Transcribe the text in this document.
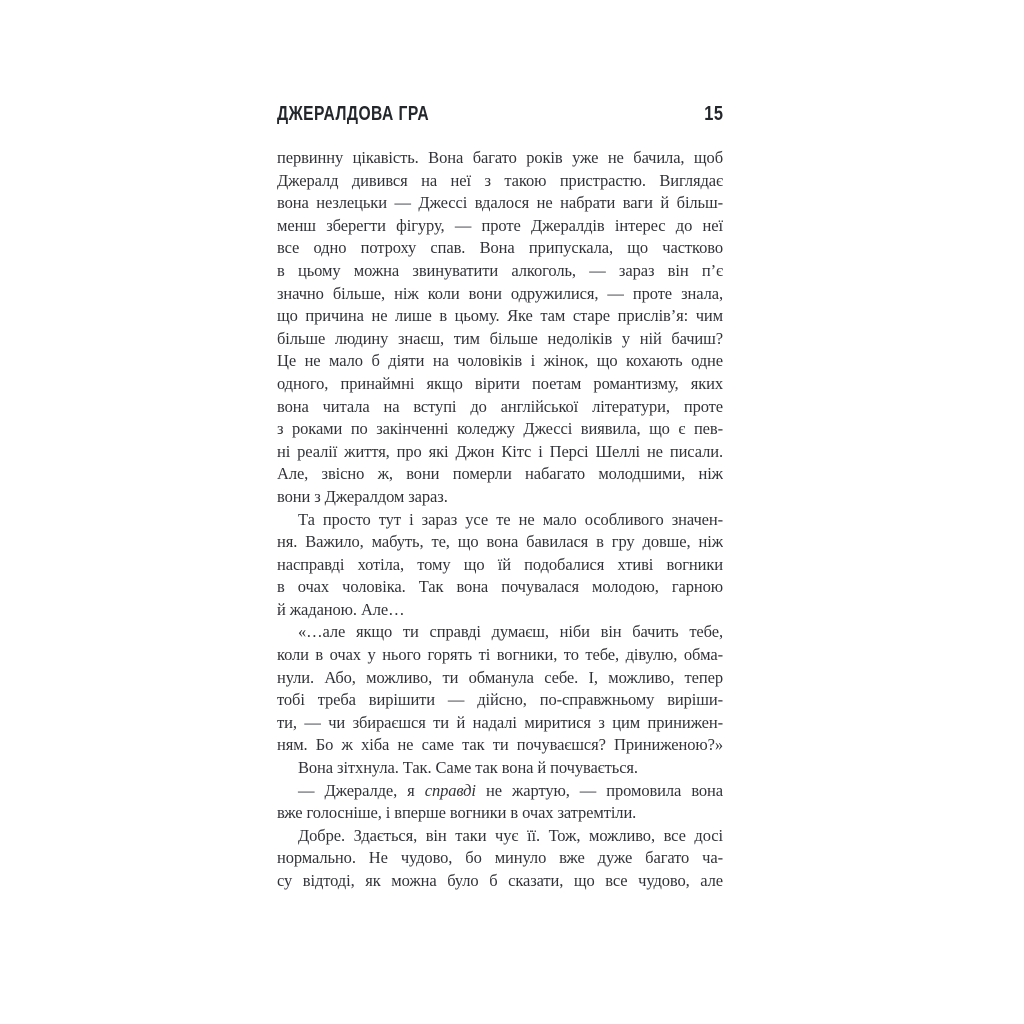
ДЖЕРАЛДОВА ГРА	15
первинну цікавість. Вона багато років уже не бачила, щоб
Джералд дивився на неї з такою пристрастю. Виглядає
вона незлецьки — Джессі вдалося не набрати ваги й більш-
менш зберегти фігуру, — проте Джералдів інтерес до неї
все одно потроху спав. Вона припускала, що частково
в цьому можна звинуватити алкоголь, — зараз він п’є
значно більше, ніж коли вони одружилися, — проте знала,
що причина не лише в цьому. Яке там старе прислів’я: чим
більше людину знаєш, тим більше недоліків у ній бачиш?
Це не мало б діяти на чоловіків і жінок, що кохають одне
одного, принаймні якщо вірити поетам романтизму, яких
вона читала на вступі до англійської літератури, проте
з роками по закінченні коледжу Джессі виявила, що є пев-
ні реалії життя, про які Джон Кітс і Персі Шеллі не писали.
Але, звісно ж, вони померли набагато молодшими, ніж
вони з Джералдом зараз.
Та просто тут і зараз усе те не мало особливого значен-
ня. Важило, мабуть, те, що вона бавилася в гру довше, ніж
насправді хотіла, тому що їй подобалися хтиві вогники
в очах чоловіка. Так вона почувалася молодою, гарною
й жаданою. Але…
«…але якщо ти справді думаєш, ніби він бачить тебе,
коли в очах у нього горять ті вогники, то тебе, дівулю, обма-
нули. Або, можливо, ти обманула себе. І, можливо, тепер
тобі треба вирішити — дійсно, по-справжньому виріши-
ти, — чи збираєшся ти й надалі миритися з цим принижен-
ням. Бо ж хіба не саме так ти почуваєшся? Приниженою?»
Вона зітхнула. Так. Саме так вона й почувається.
— Джералде, я справді не жартую, — промовила вона
вже голосніше, і вперше вогники в очах затремтіли.
Добре. Здається, він таки чує її. Тож, можливо, все досі
нормально. Не чудово, бо минуло вже дуже багато ча-
су відтоді, як можна було б сказати, що все чудово, але
